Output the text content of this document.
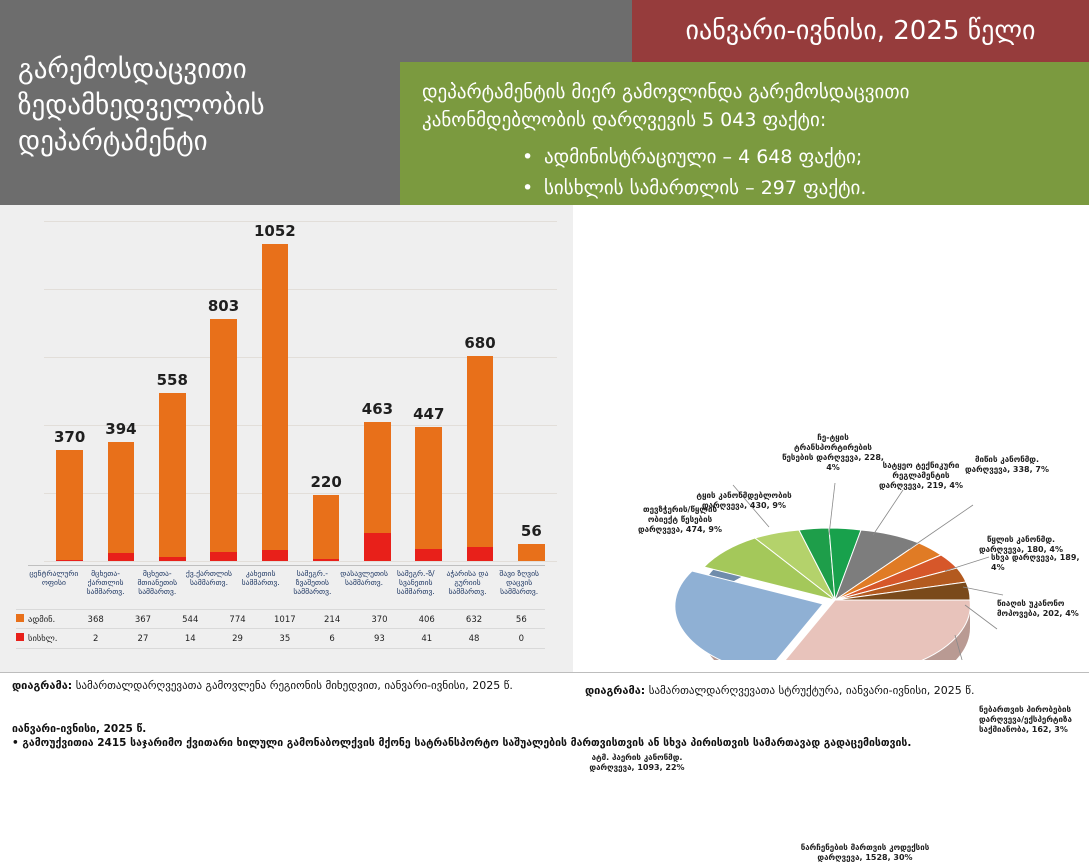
გარემოსდაცვითი ზედამხედველობის დეპარტამენტი
იანვარი-ივნისი, 2025 წელი
დეპარტამენტის მიერ გამოვლინდა გარემოსდაცვითი კანონმდებლობის დარღვევის 5 043 ფაქტი:
• ადმინისტრაციული – 4 648 ფაქტი;
• სისხლის სამართლის – 297 ფაქტი.
370	394
558
803
1052
220
463	447
680
56
ცენტრალური ოფისი
მცხეთა-ქართლის სამმართვ.
მცხეთა-მთიანეთის სამმართვ.
ქვ.ქართლის სამმართვ.
კახეთის სამმართვ.
სამეგრ.-ზვაშეთის სამმართვ.
დასავლეთის სამმართვ.
სამეგრ.-ზ/სვანეთის სამმართვ.
აჭარისა და გურიის სამმართვ.
შავი ზღვის დაცვის სამმართვ.
ადმინ.	368	367	544	774	1017	214	370	406	632	56
სისხლ.	2	27	14	29	35	6	93	41	48	0
ჩე-ტყის ტრანსპორტირების წესების დარღვევა, 228, 4%	სატყეო ტექნიკური რეგლამენტის დარღვევა, 219, 4%
თევზჭერის/წყლის ობიექტ წესების დარღვევა, 474, 9%
ტყის კანონმდებლობის დარღვევა, 430, 9%
მიწის კანონმდ. დარღვევა, 338, 7%
წყლის კანონმდ. დარღვევა, 180, 4%
სხვა დარღვევა, 189, 4%
წიაღის უკანონო მოპოვება, 202, 4%
ნებართვის პირობების დარღვევა/ექსპერტიზა საქმიანობა, 162, 3%
ნარჩენების მართვის კოდექსის დარღვევა, 1528, 30%
ატმ. ჰაერის კანონმდ. დარღვევა, 1093, 22%
დიაგრამა: სამართალდარღვევათა გამოვლენა რეგიონის მიხედვით, იანვარი-ივნისი, 2025 წ.	დიაგრამა: სამართალდარღვევათა სტრუქტურა, იანვარი-ივნისი, 2025 წ.
იანვარი-ივნისი, 2025 წ.
• გამოუქვითია 2415 საჯარიმო ქვითარი ხილული გამონაბოლქვის მქონე სატრანსპორტო საშუალების მართვისთვის ან სხვა პირისთვის სამართავად გადაცემისთვის.
